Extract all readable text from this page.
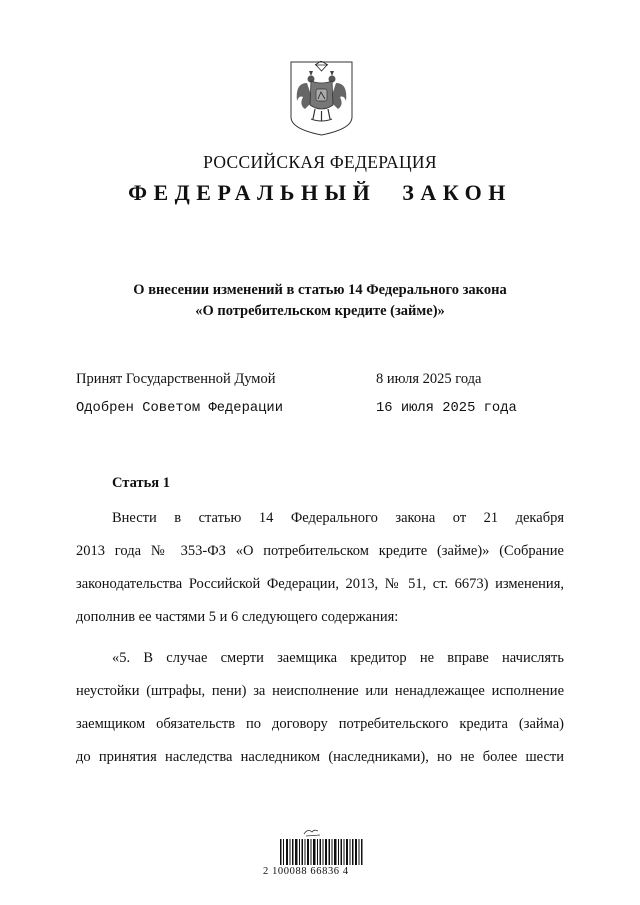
РОССИЙСКАЯ ФЕДЕРАЦИЯ
ФЕДЕРАЛЬНЫЙ ЗАКОН
О внесении изменений в статью 14 Федерального закона
«О потребительском кредите (займе)»
Принят Государственной Думой	8 июля 2025 года
Одобрен Советом Федерации	16 июля 2025 года
Статья 1
Внести в статью 14 Федерального закона от 21 декабря
2013 года № 353-ФЗ «О потребительском кредите (займе)» (Собрание
законодательства Российской Федерации, 2013, № 51, ст. 6673) изменения,
дополнив ее частями 5 и 6 следующего содержания:
«5. В случае смерти заемщика кредитор не вправе начислять
неустойки (штрафы, пени) за неисполнение или ненадлежащее исполнение
заемщиком обязательств по договору потребительского кредита (займа)
до принятия наследства наследником (наследниками), но не более шести
2 100088 66836 4
